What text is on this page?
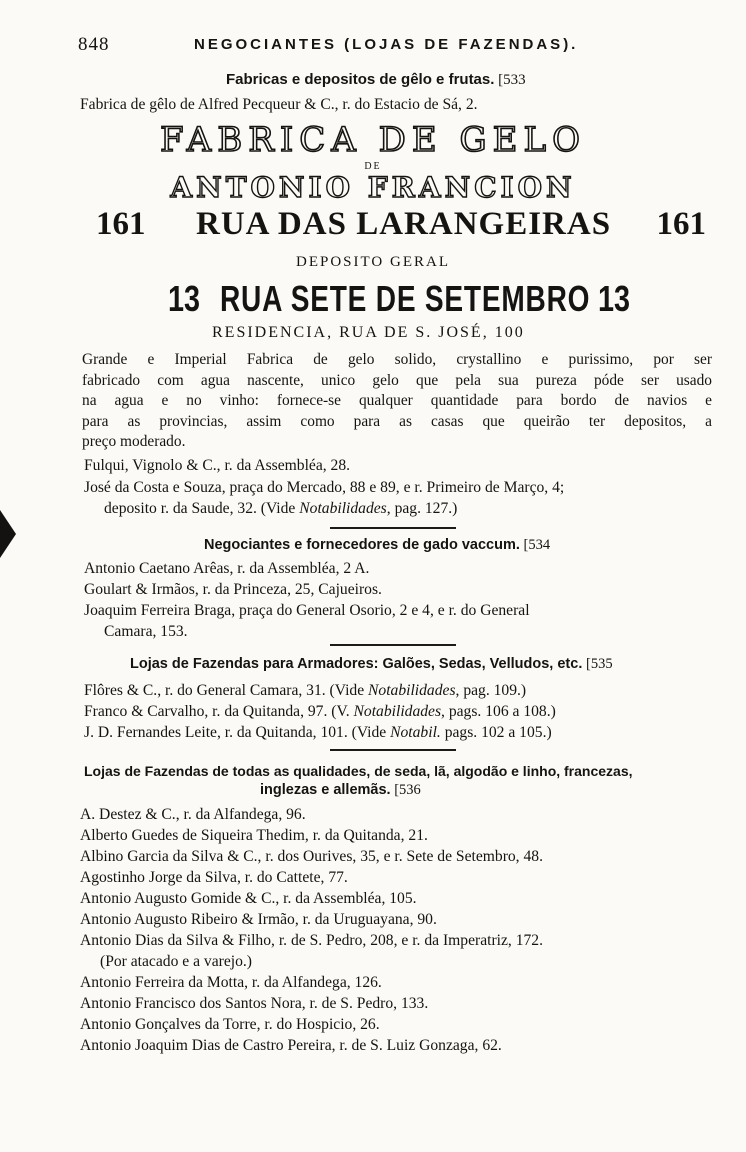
848	NEGOCIANTES (LOJAS DE FAZENDAS).
Fabricas e depositos de gêlo e frutas. [533
Fabrica de gêlo de Alfred Pecqueur & C., r. do Estacio de Sá, 2.
FABRICA DE GELO
DE
ANTONIO FRANCION
161 RUA DAS LARANGEIRAS 161
DEPOSITO GERAL
13 RUA SETE DE SETEMBRO 13
RESIDENCIA, RUA DE S. JOSÉ, 100
Grande e Imperial Fabrica de gelo solido, crystallino e purissimo, por ser
fabricado com agua nascente, unico gelo que pela sua pureza póde ser usado
na agua e no vinho: fornece-se qualquer quantidade para bordo de navios e
para as provincias, assim como para as casas que queirão ter depositos, a
preço moderado.
Fulqui, Vignolo & C., r. da Assembléa, 28.
José da Costa e Souza, praça do Mercado, 88 e 89, e r. Primeiro de Março, 4;
deposito r. da Saude, 32. (Vide Notabilidades, pag. 127.)
Negociantes e fornecedores de gado vaccum. [534
Antonio Caetano Arêas, r. da Assembléa, 2 A.
Goulart & Irmãos, r. da Princeza, 25, Cajueiros.
Joaquim Ferreira Braga, praça do General Osorio, 2 e 4, e r. do General
Camara, 153.
Lojas de Fazendas para Armadores: Galões, Sedas, Velludos, etc. [535
Flôres & C., r. do General Camara, 31. (Vide Notabilidades, pag. 109.)
Franco & Carvalho, r. da Quitanda, 97. (V. Notabilidades, pags. 106 a 108.)
J. D. Fernandes Leite, r. da Quitanda, 101. (Vide Notabil. pags. 102 a 105.)
Lojas de Fazendas de todas as qualidades, de seda, lã, algodão e linho, francezas,
inglezas e allemãs. [536
A. Destez & C., r. da Alfandega, 96.
Alberto Guedes de Siqueira Thedim, r. da Quitanda, 21.
Albino Garcia da Silva & C., r. dos Ourives, 35, e r. Sete de Setembro, 48.
Agostinho Jorge da Silva, r. do Cattete, 77.
Antonio Augusto Gomide & C., r. da Assembléa, 105.
Antonio Augusto Ribeiro & Irmão, r. da Uruguayana, 90.
Antonio Dias da Silva & Filho, r. de S. Pedro, 208, e r. da Imperatriz, 172.
(Por atacado e a varejo.)
Antonio Ferreira da Motta, r. da Alfandega, 126.
Antonio Francisco dos Santos Nora, r. de S. Pedro, 133.
Antonio Gonçalves da Torre, r. do Hospicio, 26.
Antonio Joaquim Dias de Castro Pereira, r. de S. Luiz Gonzaga, 62.
